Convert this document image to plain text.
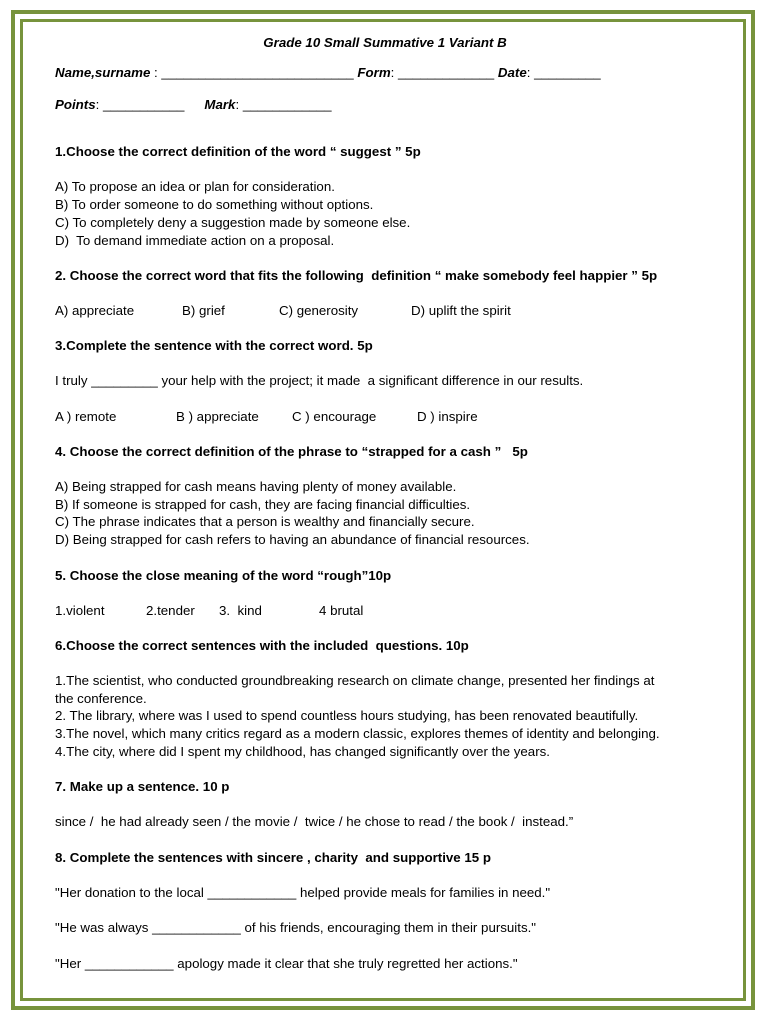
Grade 10 Small Summative 1 Variant B
Name,surname : __________________________ Form: _____________ Date: _________
Points: ___________ Mark: ____________
1.Choose the correct definition of the word “ suggest ” 5p
A) To propose an idea or plan for consideration.
B) To order someone to do something without options.
C) To completely deny a suggestion made by someone else.
D)  To demand immediate action on a proposal.
2. Choose the correct word that fits the following  definition “ make somebody feel happier ” 5p

A) appreciate

	B) grief

	C) generosity

	D) uplift the spirit

3.Complete the sentence with the correct word. 5p
I truly _________ your help with the project; it made  a significant difference in our results.

A ) remote

	B ) appreciate

C ) encourage

	D ) inspire

4. Choose the correct definition of the phrase to “strapped for a cash ”   5p
A) Being strapped for cash means having plenty of money available.
B) If someone is strapped for cash, they are facing financial difficulties.
C) The phrase indicates that a person is wealthy and financially secure.
D) Being strapped for cash refers to having an abundance of financial resources.
5. Choose the close meaning of the word “rough”10p

1.violent

	2.tender

3.  kind

	4 brutal

6.Choose the correct sentences with the included  questions. 10p
1.The scientist, who conducted groundbreaking research on climate change, presented her findings at
the conference.
2. The library, where was I used to spend countless hours studying, has been renovated beautifully.
3.The novel, which many critics regard as a modern classic, explores themes of identity and belonging.
4.The city, where did I spent my childhood, has changed significantly over the years.
7. Make up a sentence. 10 p
since /  he had already seen / the movie /  twice / he chose to read / the book /  instead.”
8. Complete the sentences with sincere , charity  and supportive 15 p
"Her donation to the local ____________ helped provide meals for families in need."
"He was always ____________ of his friends, encouraging them in their pursuits."
"Her ____________ apology made it clear that she truly regretted her actions."
